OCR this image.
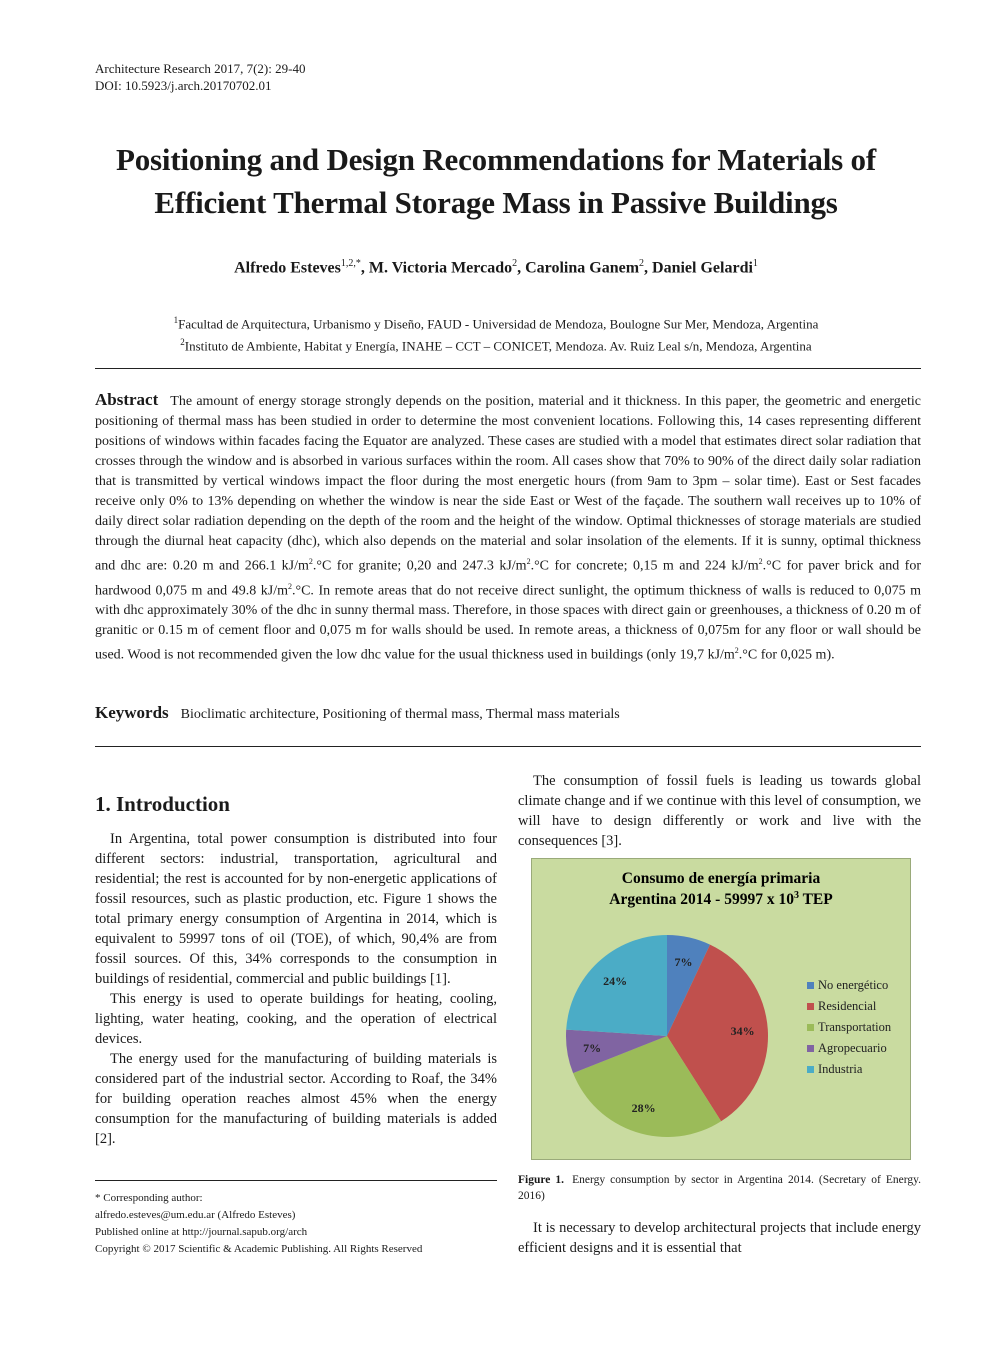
Architecture Research 2017, 7(2): 29-40
DOI: 10.5923/j.arch.20170702.01
Positioning and Design Recommendations for Materials of
Efficient Thermal Storage Mass in Passive Buildings
Alfredo Esteves$^{1,2,*}$, M. Victoria Mercado$^2$, Carolina Ganem$^2$, Daniel Gelardi$^1$
$^1$Facultad de Arquitectura, Urbanismo y Diseño, FAUD - Universidad de Mendoza, Boulogne Sur Mer, Mendoza, Argentina
$^2$Instituto de Ambiente, Habitat y Energía, INAHE – CCT – CONICET, Mendoza. Av. Ruiz Leal s/n, Mendoza, Argentina
Abstract The amount of energy storage strongly depends on the position, material and it thickness. In this paper, the geometric and energetic positioning of thermal mass has been studied in order to determine the most convenient locations. Following this, 14 cases representing different positions of windows within facades facing the Equator are analyzed. These cases are studied with a model that estimates direct solar radiation that crosses through the window and is absorbed in various surfaces within the room. All cases show that 70% to 90% of the direct daily solar radiation that is transmitted by vertical windows impact the floor during the most energetic hours (from 9am to 3pm – solar time). East or Sest facades receive only 0% to 13% depending on whether the window is near the side East or West of the façade. The southern wall receives up to 10% of daily direct solar radiation depending on the depth of the room and the height of the window. Optimal thicknesses of storage materials are studied through the diurnal heat capacity (dhc), which also depends on the material and solar insolation of the elements. If it is sunny, optimal thickness and dhc are: 0.20 m and 266.1 $kJ/m^2.^\circ C$ for granite; 0,20 and 247.3 $kJ/m^2.^\circ C$ for concrete; 0,15 m and 224 $kJ/m^2.^\circ C$ for paver brick and for hardwood 0,075 m and 49.8 $kJ/m^2.^\circ C$. In remote areas that do not receive direct sunlight, the optimum thickness of walls is reduced to 0,075 m with dhc approximately 30% of the dhc in sunny thermal mass. Therefore, in those spaces with direct gain or greenhouses, a thickness of 0.20 m of granitic or 0.15 m of cement floor and 0,075 m for walls should be used. In remote areas, a thickness of 0,075m for any floor or wall should be used. Wood is not recommended given the low dhc value for the usual thickness used in buildings (only 19,7 $kJ/m^2.^\circ C$ for 0,025 m).
Keywords Bioclimatic architecture, Positioning of thermal mass, Thermal mass materials
1. Introduction

In Argentina, total power consumption is distributed into four different sectors: industrial, transportation, agricultural and residential; the rest is accounted for by non-energetic applications of fossil resources, such as plastic production, etc. Figure 1 shows the total primary energy consumption of Argentina in 2014, which is equivalent to 59997 tons of oil (TOE), of which, 90,4% are from fossil sources. Of this, 34% corresponds to the consumption in buildings of residential, commercial and public buildings [1].

This energy is used to operate buildings for heating, cooling, lighting, water heating, cooking, and the operation of electrical devices.

The energy used for the manufacturing of building materials is considered part of the industrial sector. According to Roaf, the 34% for building operation reaches almost 45% when the energy consumption for the manufacturing of building materials is added [2].

The consumption of fossil fuels is leading us towards global climate change and if we continue with this level of consumption, we will have to design differently or work and live with the consequences [3].

Consumo de energía primaria
Argentina 2014 - 59997 x $10^3$ TEP
7%
34%
28%
7%
24%	No energético
Residencial
Transportation
Agropecuario
Industria
Figure 1. Energy consumption by sector in Argentina 2014. (Secretary of Energy. 2016)

It is necessary to develop architectural projects that include energy efficient designs and it is essential that

* Corresponding author:
alfredo.esteves@um.edu.ar (Alfredo Esteves)
Published online at http://journal.sapub.org/arch
Copyright © 2017 Scientific & Academic Publishing. All Rights Reserved
